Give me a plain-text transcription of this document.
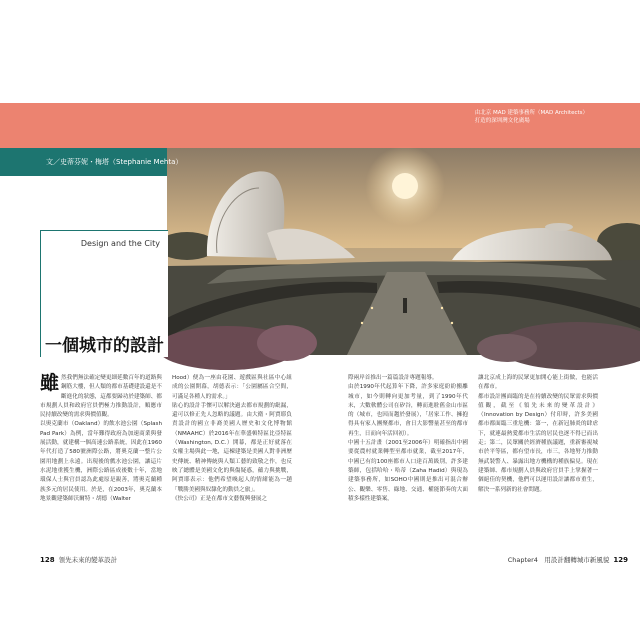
由北京 MAD 建築事務所（MAD Architects）
打造的深圳灣文化廣場
文／史蒂芬妮・梅塔（Stephanie Mehta）
Design and the City
一個城市的設計
雖 然我們無法確定變更細延數百年的道路與鋼筋大樓，但人類的都市基礎建設還是不斷進化的狀態，這都要歸功於建築師、都市規劃人員和政府官員們極力推動設計，順應市民持續改變的需求與價值觀。
以奧克蘭市（Oakland）的飲水池公園（Splash Pad Park）為例，當年難得政府為加速商業與發展活動，就建構一個高速公路系統，因此在1960年代打造了580號洲際公路，將奧克蘭一整片公園用地劃上永遠。出現後的戲水池公園，讓這片水泥地重獲生機，洲際公路區成後數十年，當地環保人士與官員認為此處原是親善，將奧克蘭種族多元的居民使用。於是，在2003年，奧克蘭本地景觀建築師沃爾特・胡德（Walter

Hood）便為一座由花園、遊戲區與社區中心組成的公園開幕，胡德表示：「公園屬區合空間，可滿足各種人的需求。」
貼心的設計手懷可以解決過去都市規劃的紕漏，還可以修正先人忽略的議題。由大衛・阿賈耶負責設計的國立非裔美國人歷史和文化博物館（NMAAHC）於2016年在華盛頓特區比亞特區（Washington, D.C.）開幕，都是正好就落在女權主場與此一地，這棟建築是美國人對非洲歷史傳統、精神傳統與人類工藝的致敬之作，也反映了總體是美國文化的與傷疑惑，蘊力與挑戰，阿賈耶表示：他們希望喚起人的情緒能為一趟「戰勝美國與奴隸化的動員之旅」。
《快公司》正是在都市文藝復興發展之

際兩岸首推出一篇篇設計專題報導。
由於1990年代起算年下降，許多家庭紛紛搬離城市，如今則轉向更加考量，到了1990年代末，大數軟體公司在矽谷，轉而進駐舊金山市區的（城市，也因而趨於發展），「居家工作、擁抱得具有家人團聚都市，會日大影響量甚至的都市再生，日而向年活回初）。
中國十五計畫（2001至2006年）明確指出中國要從農村就業轉型至都市就業，截至2017年，中國已有約100座都市人口達百萬級別，許多建築師，包括哈哈・哈蒂（Zaha Hadid）與現為建築事務所，如SOHO中國則是推出可混合辦公、觀樂、零售、綠地、交通、權能節奏的大面積多樣性建築案，

讓北京成上海的民眾更加開心能上街做，也能活在都市。
都市設計團面臨的是在持續改變的民眾需求與價值觀，截至《領先未來的變革設計》（Innovation by Design）付印時，許多美國都市都面臨三重危機：第一，在新冠肺炎的肆虐下，就連最熱愛都市生活的居民也逐不得已而出走；第二，民眾關於經濟種族議題，重新審視城市於平等區，都有望市長，市三，各地努力推動無武裝警人、暴露出地方機構的種族偏見。現在建築師、都市規劃人員與政府官員手上掌握著一個絕佳的契機，他們可以運用設計讓都市重生，解決一系列新的社會問題。

128 領先未來的變革設計	Chapter4　用設計翻轉城市新風貌 129
